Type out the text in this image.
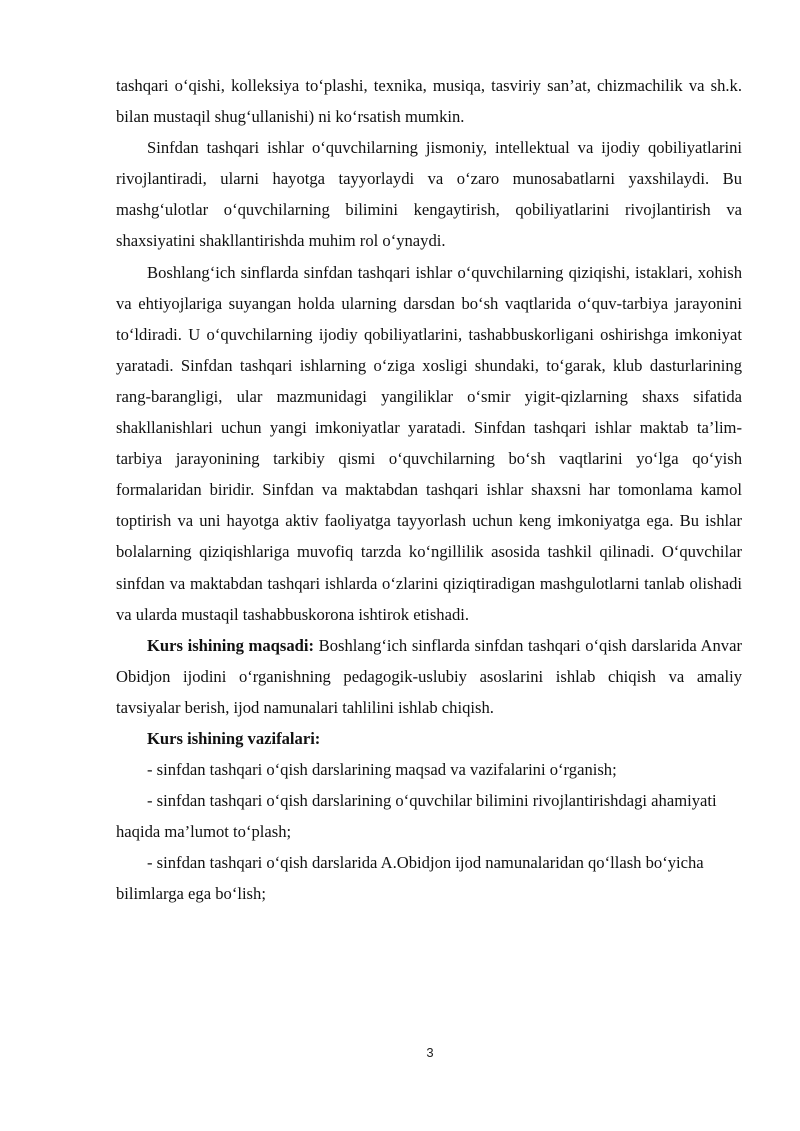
tashqari o‘qishi, kolleksiya to‘plashi, texnika, musiqa, tasviriy san’at, chizmachilik va sh.k. bilan mustaqil shug‘ullanishi) ni ko‘rsatish mumkin.

Sinfdan tashqari ishlar o‘quvchilarning jismoniy, intellektual va ijodiy qobiliyatlarini rivojlantiradi, ularni hayotga tayyorlaydi va o‘zaro munosabatlarni yaxshilaydi. Bu mashg‘ulotlar o‘quvchilarning bilimini kengaytirish, qobiliyatlarini rivojlantirish va shaxsiyatini shakllantirishda muhim rol o‘ynaydi.

Boshlang‘ich sinflarda sinfdan tashqari ishlar o‘quvchilarning qiziqishi, istaklari, xohish va ehtiyojlariga suyangan holda ularning darsdan bo‘sh vaqtlarida o‘quv-tarbiya jarayonini to‘ldiradi. U o‘quvchilarning ijodiy qobiliyatlarini, tashabbuskorligani oshirishga imkoniyat yaratadi. Sinfdan tashqari ishlarning o‘ziga xosligi shundaki, to‘garak, klub dasturlarining rang-barangligi, ular mazmunidagi yangiliklar o‘smir yigit-qizlarning shaxs sifatida shakllanishlari uchun yangi imkoniyatlar yaratadi. Sinfdan tashqari ishlar maktab ta’lim-tarbiya jarayonining tarkibiy qismi o‘quvchilarning bo‘sh vaqtlarini yo‘lga qo‘yish formalaridan biridir. Sinfdan va maktabdan tashqari ishlar shaxsni har tomonlama kamol toptirish va uni hayotga aktiv faoliyatga tayyorlash uchun keng imkoniyatga ega. Bu ishlar bolalarning qiziqishlariga muvofiq tarzda ko‘ngillilik asosida tashkil qilinadi. O‘quvchilar sinfdan va maktabdan tashqari ishlarda o‘zlarini qiziqtiradigan mashgulotlarni tanlab olishadi va ularda mustaqil tashabbuskorona ishtirok etishadi.

Kurs ishining maqsadi: Boshlang‘ich sinflarda sinfdan tashqari o‘qish darslarida Anvar Obidjon ijodini o‘rganishning pedagogik-uslubiy asoslarini ishlab chiqish va amaliy tavsiyalar berish, ijod namunalari tahlilini ishlab chiqish.

Kurs ishining vazifalari:

- sinfdan tashqari o‘qish darslarining maqsad va vazifalarini o‘rganish;

- sinfdan tashqari o‘qish darslarining o‘quvchilar bilimini rivojlantirishdagi ahamiyati haqida ma’lumot to‘plash;

- sinfdan tashqari o‘qish darslarida A.Obidjon ijod namunalaridan qo‘llash bo‘yicha bilimlarga ega bo‘lish;

3
